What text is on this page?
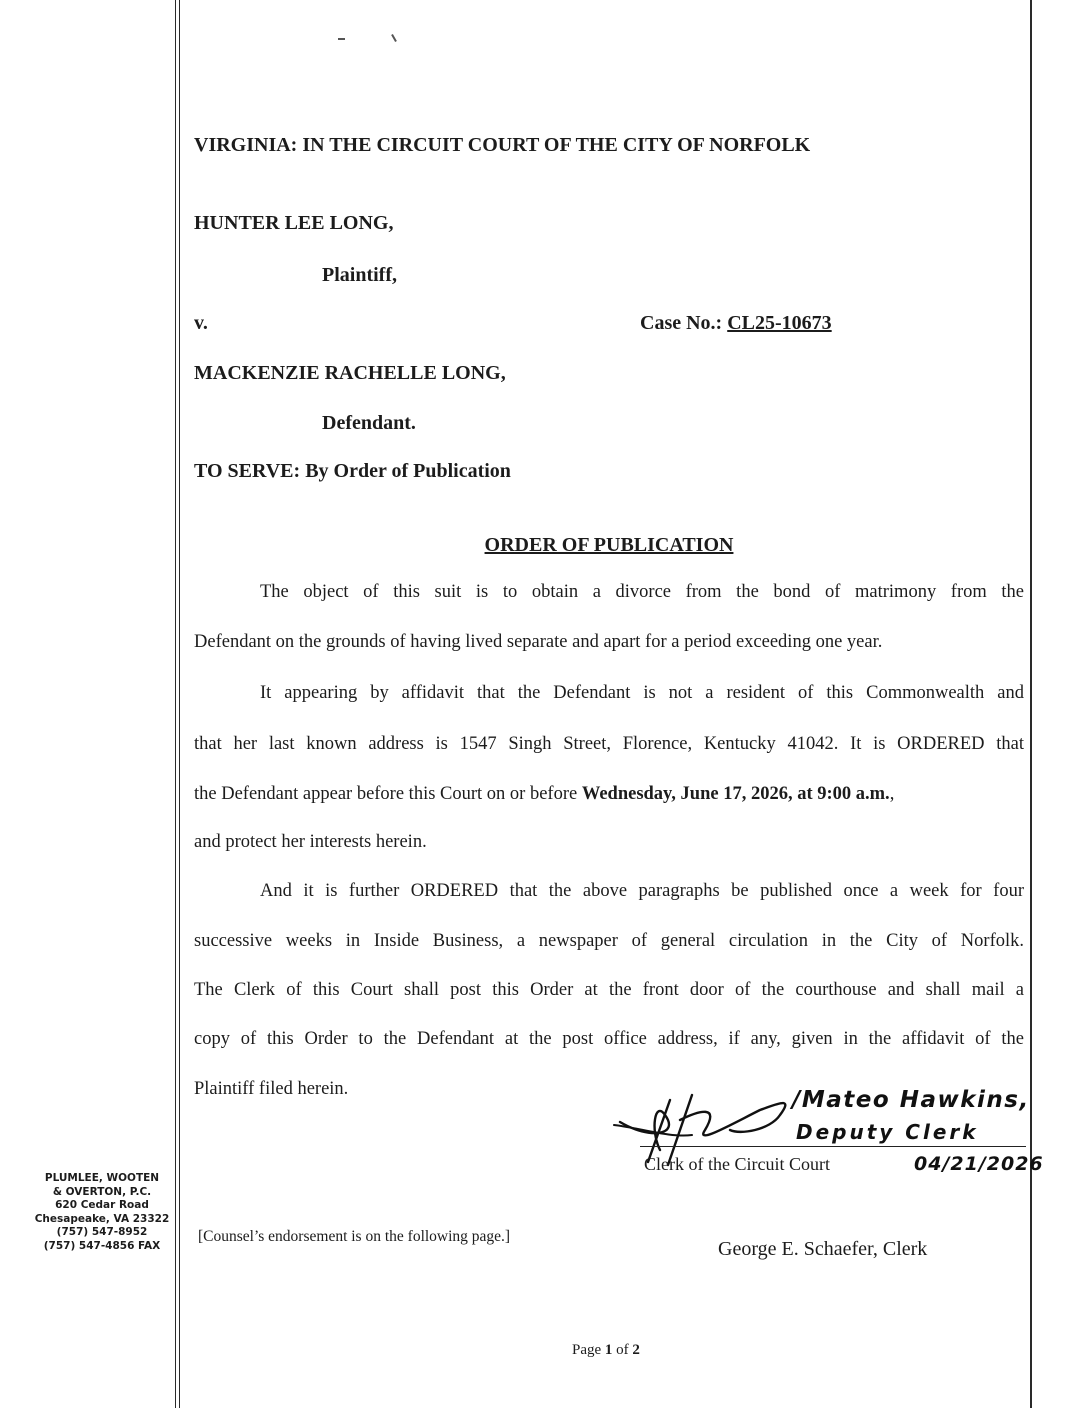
VIRGINIA: IN THE CIRCUIT COURT OF THE CITY OF NORFOLK
HUNTER LEE LONG,
Plaintiff,
v.	Case No.: CL25-10673
MACKENZIE RACHELLE LONG,
Defendant.
TO SERVE: By Order of Publication
ORDER OF PUBLICATION
The object of this suit is to obtain a divorce from the bond of matrimony from the
Defendant on the grounds of having lived separate and apart for a period exceeding one year.
It appearing by affidavit that the Defendant is not a resident of this Commonwealth and
that her last known address is 1547 Singh Street, Florence, Kentucky 41042. It is ORDERED that
the Defendant appear before this Court on or before Wednesday, June 17, 2026, at 9:00 a.m.,
and protect her interests herein.
And it is further ORDERED that the above paragraphs be published once a week for four
successive weeks in Inside Business, a newspaper of general circulation in the City of Norfolk.
The Clerk of this Court shall post this Order at the front door of the courthouse and shall mail a
copy of this Order to the Defendant at the post office address, if any, given in the affidavit of the
Plaintiff filed herein.	/Mateo Hawkins,
Deputy Clerk
Clerk of the Circuit Court	04/21/2026
George E. Schaefer, Clerk
[Counsel’s endorsement is on the following page.]
PLUMLEE, WOOTEN
& OVERTON, P.C.
620 Cedar Road
Chesapeake, VA 23322
(757) 547-8952
(757) 547-4856 FAX
Page 1 of 2
